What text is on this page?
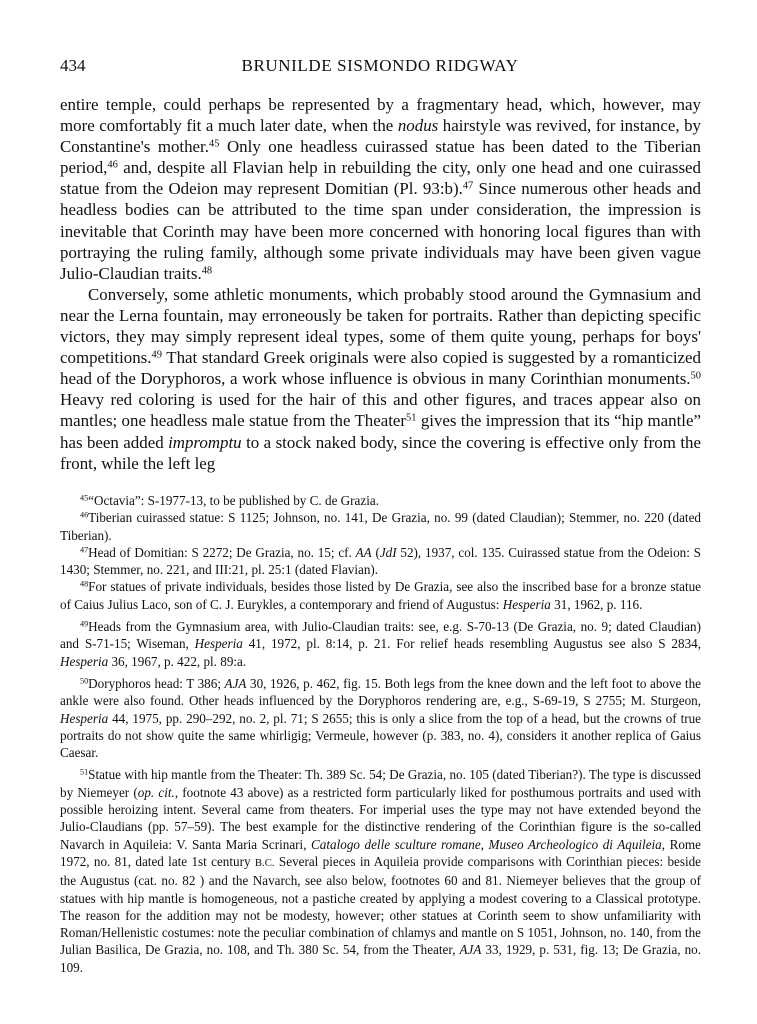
434	BRUNILDE SISMONDO RIDGWAY

entire temple, could perhaps be represented by a fragmentary head, which, however, may more comfortably fit a much later date, when the nodus hairstyle was revived, for instance, by Constantine's mother.$^{45}$ Only one headless cuirassed statue has been dated to the Tiberian period,$^{46}$ and, despite all Flavian help in rebuilding the city, only one head and one cuirassed statue from the Odeion may represent Domitian (Pl. 93:b).$^{47}$ Since numerous other heads and headless bodies can be attributed to the time span under consideration, the impression is inevitable that Corinth may have been more concerned with honoring local figures than with portraying the ruling family, although some private individuals may have been given vague Julio-Claudian traits.$^{48}$

Conversely, some athletic monuments, which probably stood around the Gymnasium and near the Lerna fountain, may erroneously be taken for portraits. Rather than depicting specific victors, they may simply represent ideal types, some of them quite young, perhaps for boys' competitions.$^{49}$ That standard Greek originals were also copied is suggested by a romanticized head of the Doryphoros, a work whose influence is obvious in many Corinthian monuments.$^{50}$ Heavy red coloring is used for the hair of this and other figures, and traces appear also on mantles; one headless male statue from the Theater$^{51}$ gives the impression that its “hip mantle” has been added impromptu to a stock naked body, since the covering is effective only from the front, while the left leg

$^{45}$“Octavia”: S-1977-13, to be published by C. de Grazia.

$^{46}$Tiberian cuirassed statue: S 1125; Johnson, no. 141, De Grazia, no. 99 (dated Claudian); Stemmer, no. 220 (dated Tiberian).

$^{47}$Head of Domitian: S 2272; De Grazia, no. 15; cf. AA (JdI 52), 1937, col. 135. Cuirassed statue from the Odeion: S 1430; Stemmer, no. 221, and III:21, pl. 25:1 (dated Flavian).

$^{48}$For statues of private individuals, besides those listed by De Grazia, see also the inscribed base for a bronze statue of Caius Julius Laco, son of C. J. Eurykles, a contemporary and friend of Augustus: Hesperia 31, 1962, p. 116.

$^{49}$Heads from the Gymnasium area, with Julio-Claudian traits: see, e.g. S-70-13 (De Grazia, no. 9; dated Claudian) and S-71-15; Wiseman, Hesperia 41, 1972, pl. 8:14, p. 21. For relief heads resembling Augustus see also S 2834, Hesperia 36, 1967, p. 422, pl. 89:a.

$^{50}$Doryphoros head: T 386; AJA 30, 1926, p. 462, fig. 15. Both legs from the knee down and the left foot to above the ankle were also found. Other heads influenced by the Doryphoros rendering are, e.g., S-69-19, S 2755; M. Sturgeon, Hesperia 44, 1975, pp. 290–292, no. 2, pl. 71; S 2655; this is only a slice from the top of a head, but the crowns of true portraits do not show quite the same whirligig; Vermeule, however (p. 383, no. 4), considers it another replica of Gaius Caesar.

$^{51}$Statue with hip mantle from the Theater: Th. 389 Sc. 54; De Grazia, no. 105 (dated Tiberian?). The type is discussed by Niemeyer (op. cit., footnote 43 above) as a restricted form particularly liked for posthumous portraits and used with possible heroizing intent. Several came from theaters. For imperial uses the type may not have extended beyond the Julio-Claudians (pp. 57–59). The best example for the distinctive rendering of the Corinthian figure is the so-called Navarch in Aquileia: V. Santa Maria Scrinari, Catalogo delle sculture romane, Museo Archeologico di Aquileia, Rome 1972, no. 81, dated late 1st century B.C. Several pieces in Aquileia provide comparisons with Corinthian pieces: beside the Augustus (cat. no. 82 ) and the Navarch, see also below, footnotes 60 and 81. Niemeyer believes that the group of statues with hip mantle is homogeneous, not a pastiche created by applying a modest covering to a Classical prototype. The reason for the addition may not be modesty, however; other statues at Corinth seem to show unfamiliarity with Roman/Hellenistic costumes: note the peculiar combination of chlamys and mantle on S 1051, Johnson, no. 140, from the Julian Basilica, De Grazia, no. 108, and Th. 380 Sc. 54, from the Theater, AJA 33, 1929, p. 531, fig. 13; De Grazia, no. 109.
